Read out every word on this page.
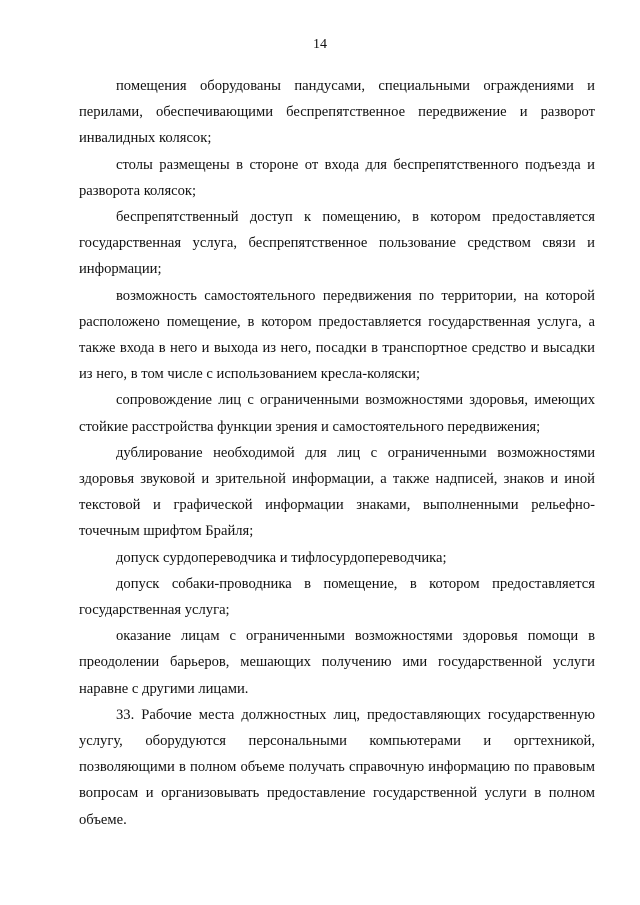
14

помещения оборудованы пандусами, специальными ограждениями и перилами, обеспечивающими беспрепятственное передвижение и разворот инвалидных колясок;

столы размещены в стороне от входа для беспрепятственного подъезда и разворота колясок;

беспрепятственный доступ к помещению, в котором предоставляется государственная услуга, беспрепятственное пользование средством связи и информации;

возможность самостоятельного передвижения по территории, на которой расположено помещение, в котором предоставляется государственная услуга, а также входа в него и выхода из него, посадки в транспортное средство и высадки из него, в том числе с использованием кресла-коляски;

сопровождение лиц с ограниченными возможностями здоровья, имеющих стойкие расстройства функции зрения и самостоятельного передвижения;

дублирование необходимой для лиц с ограниченными возможностями здоровья звуковой и зрительной информации, а также надписей, знаков и иной текстовой и графической информации знаками, выполненными рельефно-точечным шрифтом Брайля;

допуск сурдопереводчика и тифлосурдопереводчика;

допуск собаки-проводника в помещение, в котором предоставляется государственная услуга;

оказание лицам с ограниченными возможностями здоровья помощи в преодолении барьеров, мешающих получению ими государственной услуги наравне с другими лицами.

33. Рабочие места должностных лиц, предоставляющих государственную услугу, оборудуются персональными компьютерами и оргтехникой, позволяющими в полном объеме получать справочную информацию по правовым вопросам и организовывать предоставление государственной услуги в полном объеме.
